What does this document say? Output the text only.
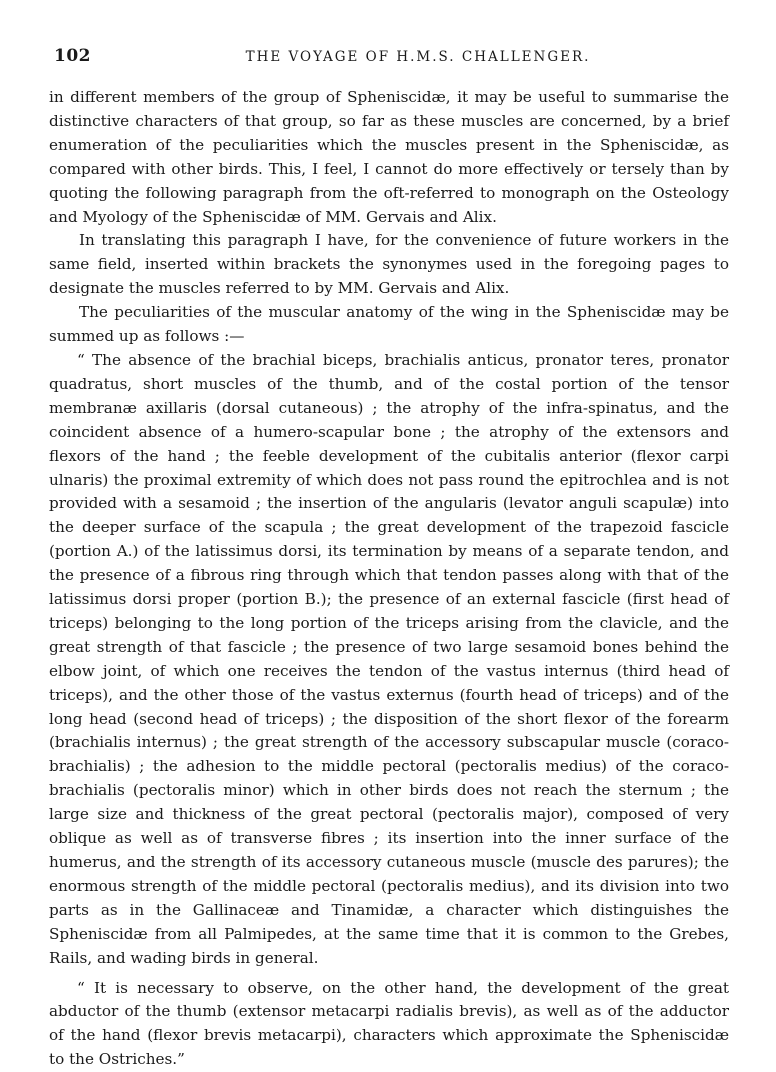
102	THE VOYAGE OF H.M.S. CHALLENGER.

in different members of the group of Spheniscidæ, it may be useful to summarise the distinctive characters of that group, so far as these muscles are concerned, by a brief enumeration of the peculiarities which the muscles present in the Spheniscidæ, as compared with other birds. This, I feel, I cannot do more effectively or tersely than by quoting the following paragraph from the oft-referred to monograph on the Osteology and Myology of the Spheniscidæ of MM. Gervais and Alix.

In translating this paragraph I have, for the convenience of future workers in the same field, inserted within brackets the synonymes used in the foregoing pages to designate the muscles referred to by MM. Gervais and Alix.

The peculiarities of the muscular anatomy of the wing in the Spheniscidæ may be summed up as follows :—

“ The absence of the brachial biceps, brachialis anticus, pronator teres, pronator quadratus, short muscles of the thumb, and of the costal portion of the tensor membranæ axillaris (dorsal cutaneous) ; the atrophy of the infra-spinatus, and the coincident absence of a humero-scapular bone ; the atrophy of the extensors and flexors of the hand ; the feeble development of the cubitalis anterior (flexor carpi ulnaris) the proximal extremity of which does not pass round the epitrochlea and is not provided with a sesamoid ; the insertion of the angularis (levator anguli scapulæ) into the deeper surface of the scapula ; the great development of the trapezoid fascicle (portion A.) of the latissimus dorsi, its termination by means of a separate tendon, and the presence of a fibrous ring through which that tendon passes along with that of the latissimus dorsi proper (portion B.); the presence of an external fascicle (first head of triceps) belonging to the long portion of the triceps arising from the clavicle, and the great strength of that fascicle ; the presence of two large sesamoid bones behind the elbow joint, of which one receives the tendon of the vastus internus (third head of triceps), and the other those of the vastus externus (fourth head of triceps) and of the long head (second head of triceps) ; the disposition of the short flexor of the forearm (brachialis internus) ; the great strength of the accessory subscapular muscle (coraco-brachialis) ; the adhesion to the middle pectoral (pectoralis medius) of the coraco-brachialis (pectoralis minor) which in other birds does not reach the sternum ; the large size and thickness of the great pectoral (pectoralis major), composed of very oblique as well as of transverse fibres ; its insertion into the inner surface of the humerus, and the strength of its accessory cutaneous muscle (muscle des parures); the enormous strength of the middle pectoral (pectoralis medius), and its division into two parts as in the Gallinaceæ and Tinamidæ, a character which distinguishes the Spheniscidæ from all Palmipedes, at the same time that it is common to the Grebes, Rails, and wading birds in general.

“ It is necessary to observe, on the other hand, the development of the great abductor of the thumb (extensor metacarpi radialis brevis), as well as of the adductor of the hand (flexor brevis metacarpi), characters which approximate the Spheniscidæ to the Ostriches.”
